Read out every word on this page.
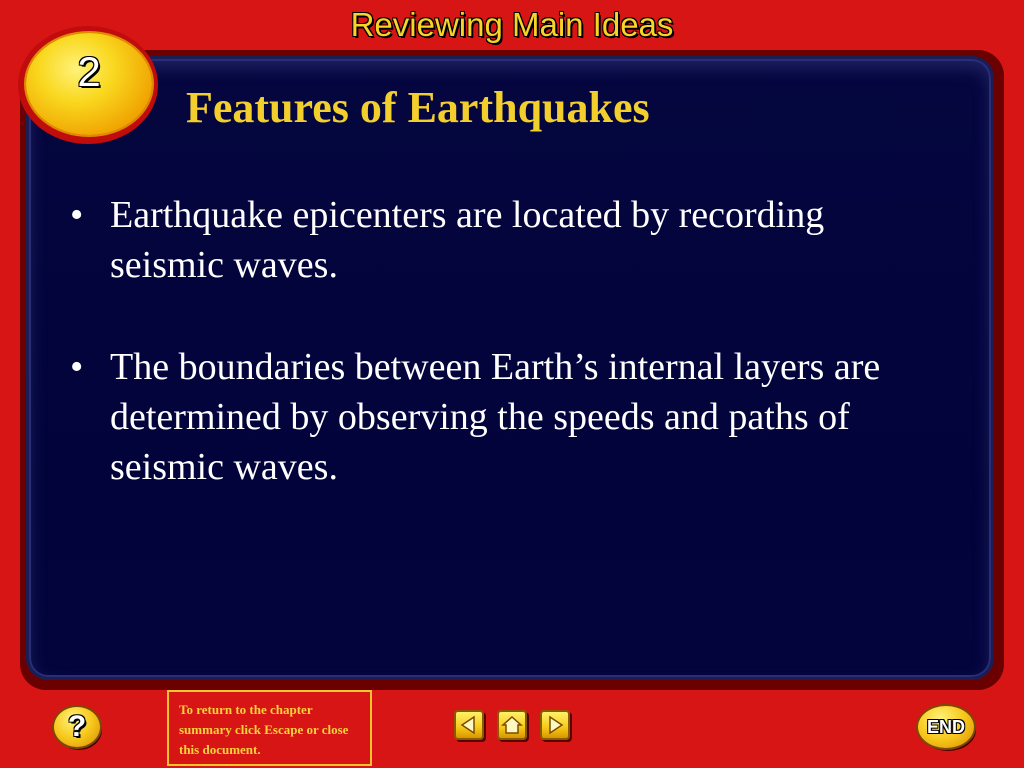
Reviewing Main Ideas
2
Features of Earthquakes
• Earthquake epicenters are located by recording seismic waves.
• The boundaries between Earth’s internal layers are determined by observing the speeds and paths of seismic waves.
?
To return to the chapter summary click Escape or close this document.
END
